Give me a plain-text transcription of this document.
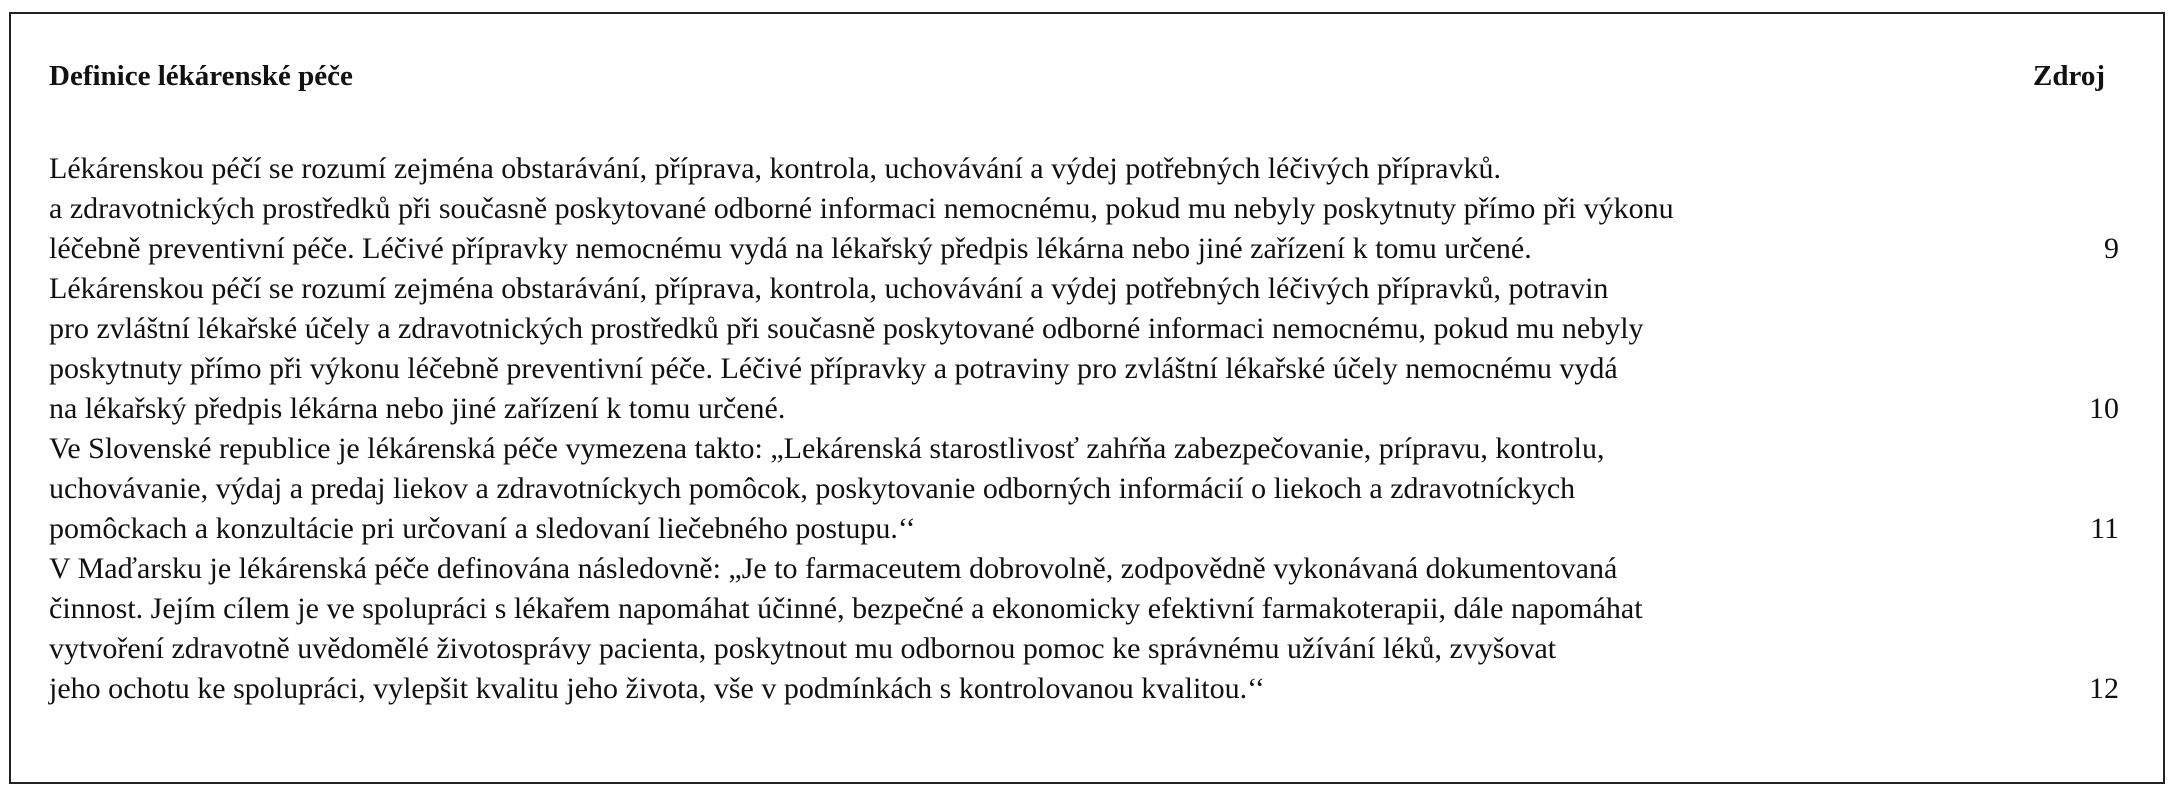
Definice lékárenské péče	Zdroj
Lékárenskou péčí se rozumí zejména obstarávání, příprava, kontrola, uchovávání a výdej potřebných léčivých přípravků.
a zdravotnických prostředků při současně poskytované odborné informaci nemocnému, pokud mu nebyly poskytnuty přímo při výkonu
léčebně preventivní péče. Léčivé přípravky nemocnému vydá na lékařský předpis lékárna nebo jiné zařízení k tomu určené.	9
Lékárenskou péčí se rozumí zejména obstarávání, příprava, kontrola, uchovávání a výdej potřebných léčivých přípravků, potravin
pro zvláštní lékařské účely a zdravotnických prostředků při současně poskytované odborné informaci nemocnému, pokud mu nebyly
poskytnuty přímo při výkonu léčebně preventivní péče. Léčivé přípravky a potraviny pro zvláštní lékařské účely nemocnému vydá
na lékařský předpis lékárna nebo jiné zařízení k tomu určené.	10
Ve Slovenské republice je lékárenská péče vymezena takto: „Lekárenská starostlivosť zahŕňa zabezpečovanie, prípravu, kontrolu,
uchovávanie, výdaj a predaj liekov a zdravotníckych pomôcok, poskytovanie odborných informácií o liekoch a zdravotníckych
pomôckach a konzultácie pri určovaní a sledovaní liečebného postupu.‘‘	11
V Maďarsku je lékárenská péče definována následovně: „Je to farmaceutem dobrovolně, zodpovědně vykonávaná dokumentovaná
činnost. Jejím cílem je ve spolupráci s lékařem napomáhat účinné, bezpečné a ekonomicky efektivní farmakoterapii, dále napomáhat
vytvoření zdravotně uvědomělé životosprávy pacienta, poskytnout mu odbornou pomoc ke správnému užívání léků, zvyšovat
jeho ochotu ke spolupráci, vylepšit kvalitu jeho života, vše v podmínkách s kontrolovanou kvalitou.‘‘	12
